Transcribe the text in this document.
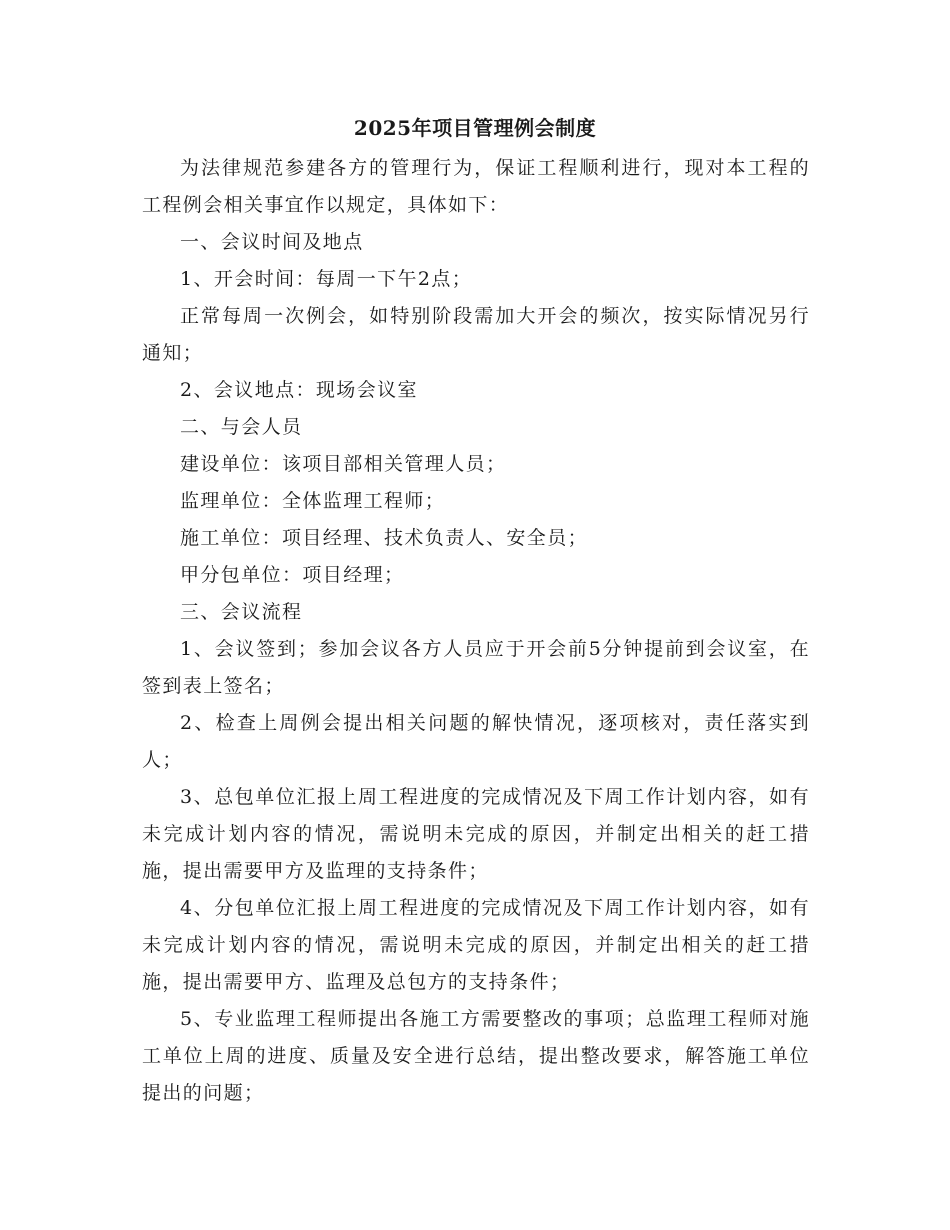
2025年项目管理例会制度

为法律规范参建各方的管理行为，保证工程顺利进行，现对本工程的工程例会相关事宜作以规定，具体如下：

一、会议时间及地点

1、开会时间：每周一下午2点；

正常每周一次例会，如特别阶段需加大开会的频次，按实际情况另行通知；

2、会议地点：现场会议室

二、与会人员

建设单位：该项目部相关管理人员；

监理单位：全体监理工程师；

施工单位：项目经理、技术负责人、安全员；

甲分包单位：项目经理；

三、会议流程

1、会议签到；参加会议各方人员应于开会前5分钟提前到会议室，在签到表上签名；

2、检查上周例会提出相关问题的解快情况，逐项核对，责任落实到人；

3、总包单位汇报上周工程进度的完成情况及下周工作计划内容，如有未完成计划内容的情况，需说明未完成的原因，并制定出相关的赶工措施，提出需要甲方及监理的支持条件；

4、分包单位汇报上周工程进度的完成情况及下周工作计划内容，如有未完成计划内容的情况，需说明未完成的原因，并制定出相关的赶工措施，提出需要甲方、监理及总包方的支持条件；

5、专业监理工程师提出各施工方需要整改的事项；总监理工程师对施工单位上周的进度、质量及安全进行总结，提出整改要求，解答施工单位提出的问题；
